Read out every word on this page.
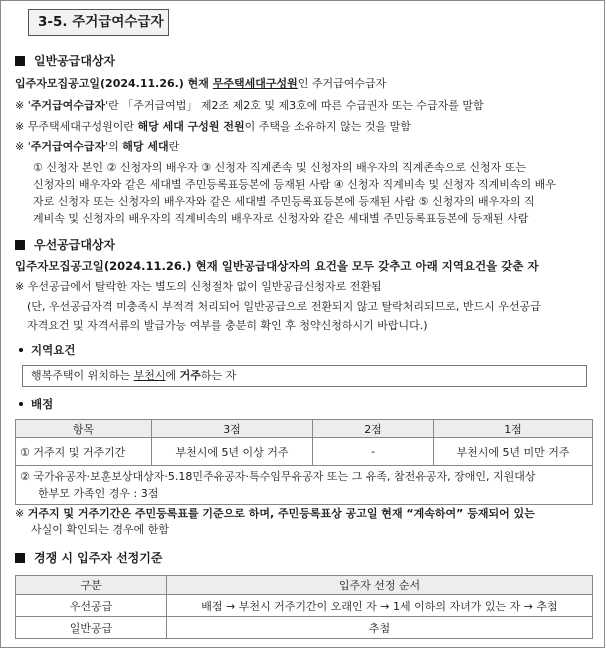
3-5. 주거급여수급자
일반공급대상자
입주자모집공고일(2024.11.26.) 현재 무주택세대구성원인 주거급여수급자
※ '주거급여수급자'란 「주거급여법」 제2조 제2호 및 제3호에 따른 수급권자 또는 수급자를 말함
※ 무주택세대구성원이란 해당 세대 구성원 전원이 주택을 소유하지 않는 것을 말함
※ '주거급여수급자'의 해당 세대란
① 신청자 본인 ② 신청자의 배우자 ③ 신청자 직계존속 및 신청자의 배우자의 직계존속으로 신청자 또는
신청자의 배우자와 같은 세대별 주민등록표등본에 등재된 사람 ④ 신청자 직계비속 및 신청자 직계비속의 배우
자로 신청자 또는 신청자의 배우자와 같은 세대별 주민등록표등본에 등재된 사람 ⑤ 신청자의 배우자의 직
계비속 및 신청자의 배우자의 직계비속의 배우자로 신청자와 같은 세대별 주민등록표등본에 등재된 사람
우선공급대상자
입주자모집공고일(2024.11.26.) 현재 일반공급대상자의 요건을 모두 갖추고 아래 지역요건을 갖춘 자
※ 우선공급에서 탈락한 자는 별도의 신청절차 없이 일반공급신청자로 전환됨
(단, 우선공급자격 미충족시 부적격 처리되어 일반공급으로 전환되지 않고 탈락처리되므로, 반드시 우선공급
자격요건 및 자격서류의 발급가능 여부를 충분히 확인 후 청약신청하시기 바랍니다.)
지역요건
행복주택이 위치하는 부천시에 거주하는 자
배점
항목	3점	2점	1점
① 거주지 및 거주기간	부천시에 5년 이상 거주	-	부천시에 5년 미만 거주

② 국가유공자·보훈보상대상자·5.18민주유공자·특수임무유공자 또는 그 유족, 참전유공자, 장애인, 지원대상
한부모 가족인 경우 : 3점			
※ 거주지 및 거주기간은 주민등록표를 기준으로 하며, 주민등록표상 공고일 현재 “계속하여” 등재되어 있는
사실이 확인되는 경우에 한함
경쟁 시 입주자 선정기준
구분	입주자 선정 순서
우선공급	배점 → 부천시 거주기간이 오래인 자 → 1세 이하의 자녀가 있는 자 → 추첨
일반공급	추첨
